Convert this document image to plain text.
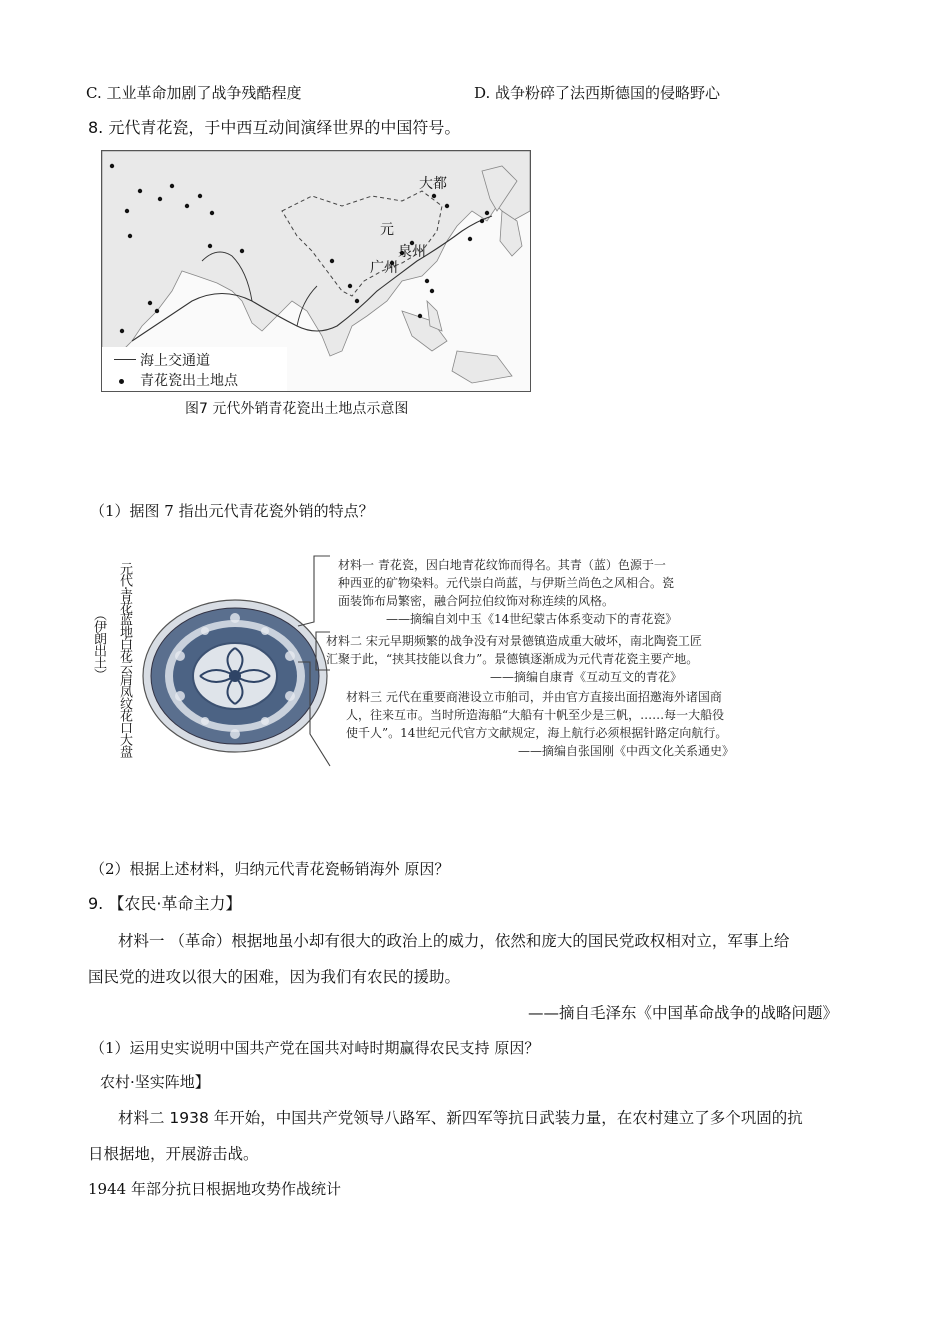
C. 工业革命加剧了战争残酷程度	D. 战争粉碎了法西斯德国的侵略野心
8. 元代青花瓷，于中西互动间演绎世界的中国符号。
大都
元
泉州
广州
海上交通道
青花瓷出土地点
图7 元代外销青花瓷出土地点示意图
（1）据图 7 指出元代青花瓷外销的特点？
元代·青花蓝地白花云肩凤纹花口大盘
（伊朗出土）
材料一 青花瓷，因白地青花纹饰而得名。其青（蓝）色源于一
种西亚的矿物染料。元代崇白尚蓝，与伊斯兰尚色之风相合。瓷
面装饰布局繁密，融合阿拉伯纹饰对称连续的风格。
——摘编自刘中玉《14世纪蒙古体系变动下的青花瓷》
材料二 宋元早期频繁的战争没有对景德镇造成重大破坏，南北陶瓷工匠
汇聚于此，“挟其技能以食力”。景德镇逐渐成为元代青花瓷主要产地。
——摘编自康青《互动互文的青花》
材料三 元代在重要商港设立市舶司，并由官方直接出面招邀海外诸国商
人，往来互市。当时所造海船“大船有十帆至少是三帆，……每一大船役
使千人”。14世纪元代官方文献规定，海上航行必须根据针路定向航行。
——摘编自张国刚《中西文化关系通史》
（2）根据上述材料，归纳元代青花瓷畅销海外 原因？
9. 【农民·革命主力】
材料一 （革命）根据地虽小却有很大的政治上的威力，依然和庞大的国民党政权相对立，军事上给
国民党的进攻以很大的困难，因为我们有农民的援助。
——摘自毛泽东《中国革命战争的战略问题》
（1）运用史实说明中国共产党在国共对峙时期赢得农民支持 原因？
农村·坚实阵地】
材料二 1938 年开始，中国共产党领导八路军、新四军等抗日武装力量，在农村建立了多个巩固的抗
日根据地，开展游击战。
1944 年部分抗日根据地攻势作战统计
